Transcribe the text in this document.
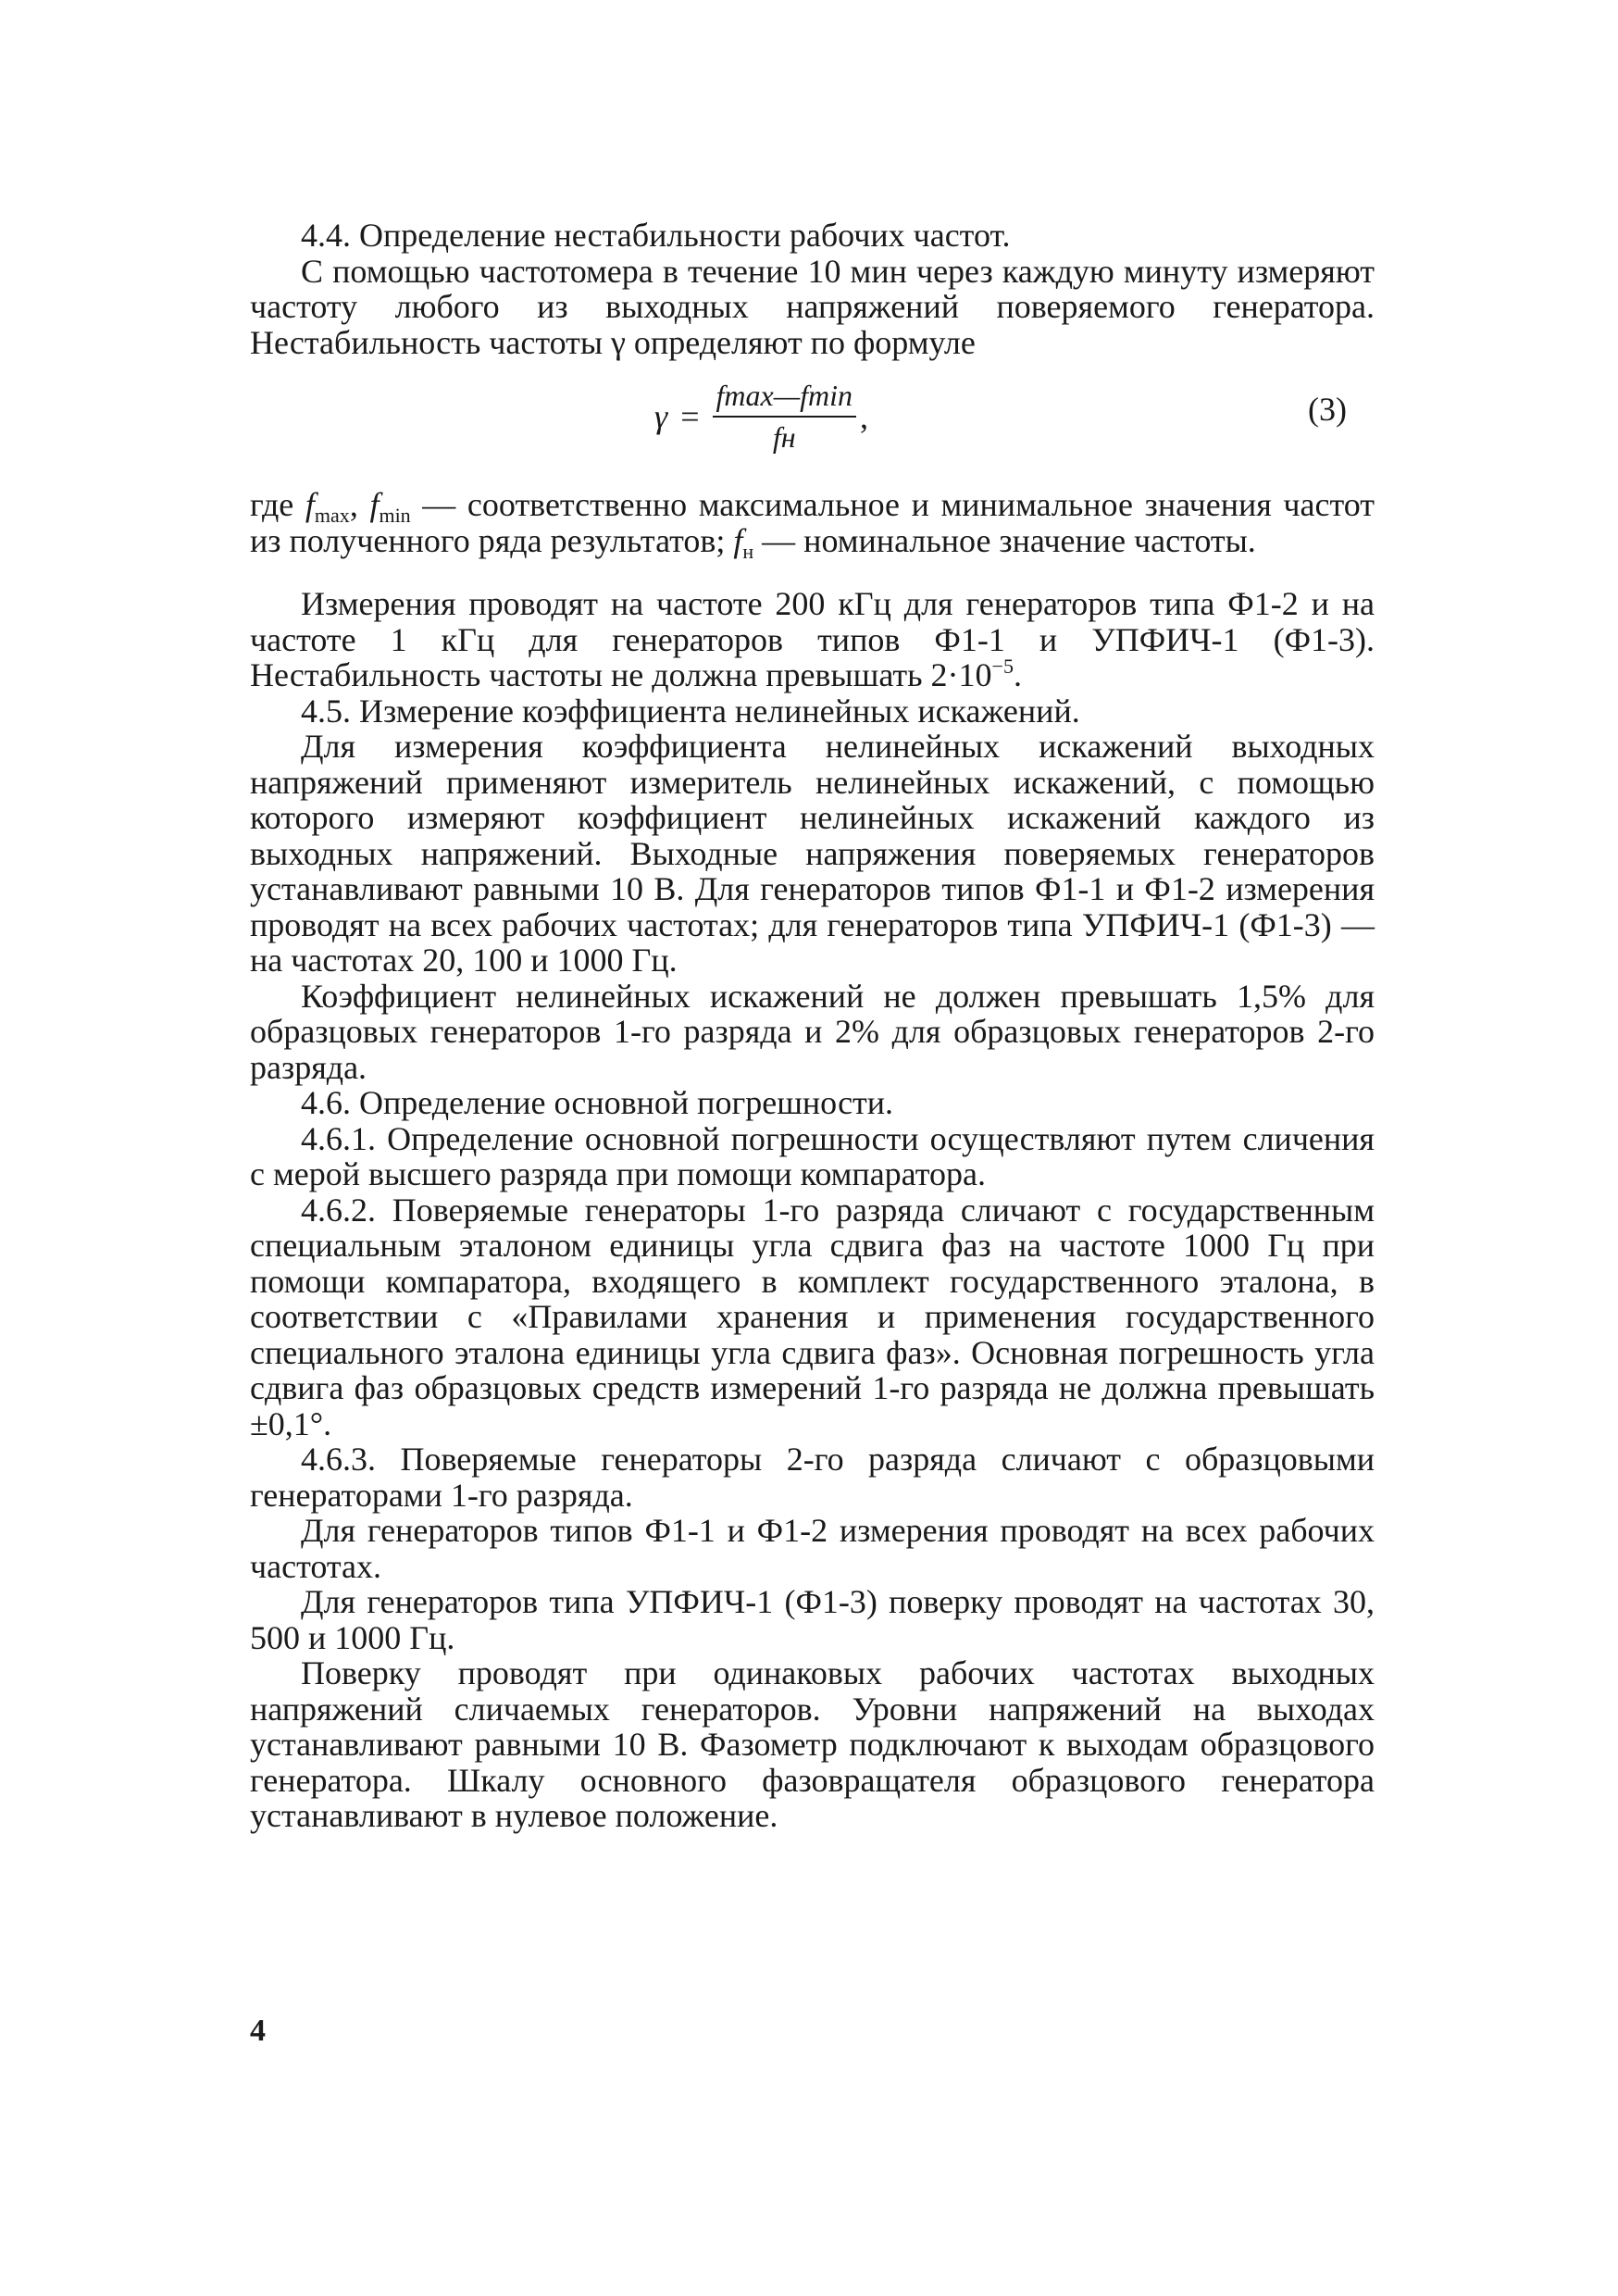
4.4. Определение нестабильности рабочих частот.

С помощью частотомера в течение 10 мин через каждую минуту измеряют частоту любого из выходных напряжений поверяемого генератора. Нестабильность частоты γ определяют по формуле

$\gamma = \frac{fmax—fmin}{fн}$ ,	(3)

где $f_{max}$, $f_{min}$ — соответственно максимальное и минимальное значения частот из полученного ряда результатов; $f_н$ — номинальное значение частоты.

Измерения проводят на частоте 200 кГц для генераторов типа Ф1-2 и на частоте 1 кГц для генераторов типов Ф1-1 и УПФИЧ-1 (Ф1-3). Нестабильность частоты не должна превышать $2\cdot 10^{-5}$.

4.5. Измерение коэффициента нелинейных искажений.

Для измерения коэффициента нелинейных искажений выходных напряжений применяют измеритель нелинейных искажений, с помощью которого измеряют коэффициент нелинейных искажений каждого из выходных напряжений. Выходные напряжения поверяемых генераторов устанавливают равными 10 В. Для генераторов типов Ф1-1 и Ф1-2 измерения проводят на всех рабочих частотах; для генераторов типа УПФИЧ-1 (Ф1-3) — на частотах 20, 100 и 1000 Гц.

Коэффициент нелинейных искажений не должен превышать 1,5% для образцовых генераторов 1-го разряда и 2% для образцовых генераторов 2-го разряда.

4.6. Определение основной погрешности.

4.6.1. Определение основной погрешности осуществляют путем сличения с мерой высшего разряда при помощи компаратора.

4.6.2. Поверяемые генераторы 1-го разряда сличают с государственным специальным эталоном единицы угла сдвига фаз на частоте 1000 Гц при помощи компаратора, входящего в комплект государственного эталона, в соответствии с «Правилами хранения и применения государственного специального эталона единицы угла сдвига фаз». Основная погрешность угла сдвига фаз образцовых средств измерений 1-го разряда не должна превышать ±0,1°.

4.6.3. Поверяемые генераторы 2-го разряда сличают с образцовыми генераторами 1-го разряда.

Для генераторов типов Ф1-1 и Ф1-2 измерения проводят на всех рабочих частотах.

Для генераторов типа УПФИЧ-1 (Ф1-3) поверку проводят на частотах 30, 500 и 1000 Гц.

Поверку проводят при одинаковых рабочих частотах выходных напряжений сличаемых генераторов. Уровни напряжений на выходах устанавливают равными 10 В. Фазометр подключают к выходам образцового генератора. Шкалу основного фазовращателя образцового генератора устанавливают в нулевое положение.

4
